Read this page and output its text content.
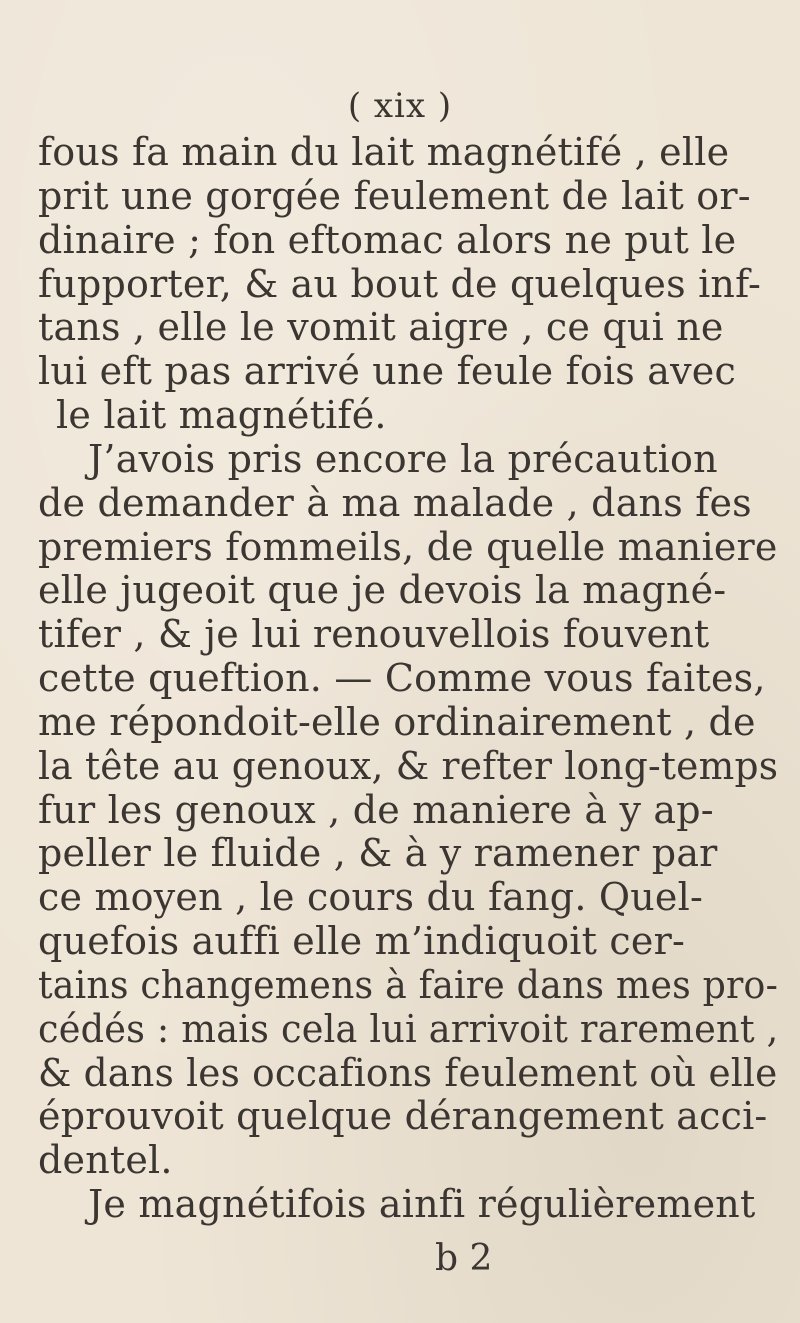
( xix )
fous fa main du lait magnétifé , elle
prit une gorgée feulement de lait or-
dinaire ; fon eftomac alors ne put le
fupporter, & au bout de quelques inf-
tans , elle le vomit aigre , ce qui ne
lui eft pas arrivé une feule fois avec
le lait magnétifé.
J’avois pris encore la précaution
de demander à ma malade , dans fes
premiers fommeils, de quelle maniere
elle jugeoit que je devois la magné-
tifer , & je lui renouvellois fouvent
cette queftion. — Comme vous faites,
me répondoit-elle ordinairement , de
la tête au genoux, & refter long-temps
fur les genoux , de maniere à y ap-
peller le fluide , & à y ramener par
ce moyen , le cours du fang. Quel-
quefois auffi elle m’indiquoit cer-
tains changemens à faire dans mes pro-
cédés : mais cela lui arrivoit rarement ,
& dans les occafions feulement où elle
éprouvoit quelque dérangement acci-
dentel.
Je magnétifois ainfi régulièrement
b 2
